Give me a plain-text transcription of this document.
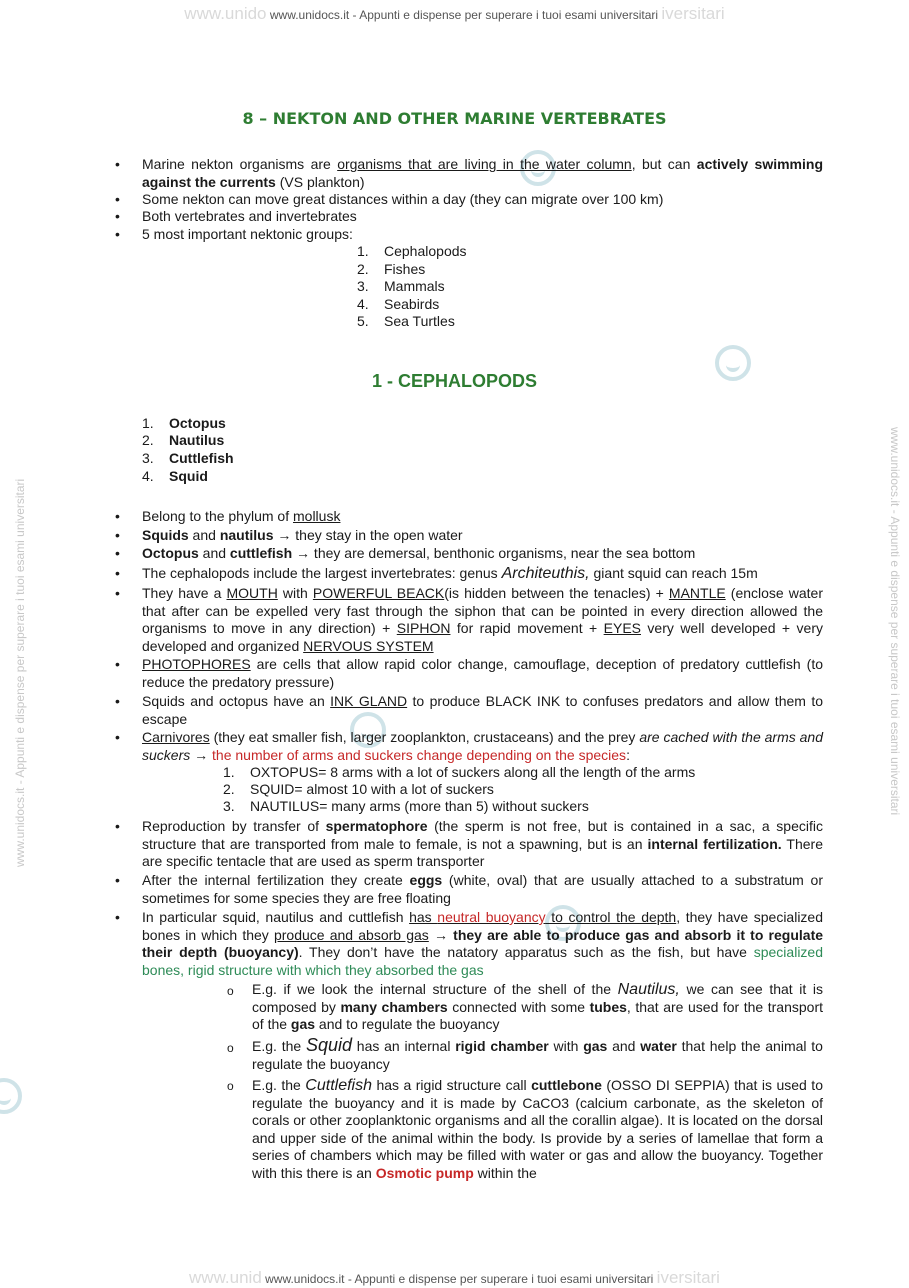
www.unido www.unidocs.it - Appunti e dispense per superare i tuoi esami universitari iversitari
www.unid www.unidocs.it - Appunti e dispense per superare i tuoi esami universitari iversitari
www.unidocs.it - Appunti e dispense per superare i tuoi esami universitari	www.unidocs.it - Appunti e dispense per superare i tuoi esami universitari
8 – NEKTON AND OTHER MARINE VERTEBRATES
• Marine nekton organisms are organisms that are living in the water column, but can actively swimming against the currents (VS plankton)
• Some nekton can move great distances within a day (they can migrate over 100 km)
• Both vertebrates and invertebrates
• 5 most important nektonic groups:
1. Cephalopods
2. Fishes
3. Mammals
4. Seabirds
5. Sea Turtles
1 - CEPHALOPODS
1. Octopus
2. Nautilus
3. Cuttlefish
4. Squid
• Belong to the phylum of mollusk
• Squids and nautilus → they stay in the open water
• Octopus and cuttlefish → they are demersal, benthonic organisms, near the sea bottom
• The cephalopods include the largest invertebrates: genus Architeuthis, giant squid can reach 15m
• They have a MOUTH with POWERFUL BEACK(is hidden between the tenacles) + MANTLE (enclose water that after can be expelled very fast through the siphon that can be pointed in every direction allowed the organisms to move in any direction) + SIPHON for rapid movement + EYES very well developed + very developed and organized NERVOUS SYSTEM
• PHOTOPHORES are cells that allow rapid color change, camouflage, deception of predatory cuttlefish (to reduce the predatory pressure)
• Squids and octopus have an INK GLAND to produce BLACK INK to confuses predators and allow them to escape
• Carnivores (they eat smaller fish, larger zooplankton, crustaceans) and the prey are cached with the arms and suckers → the number of arms and suckers change depending on the species:
1. OXTOPUS= 8 arms with a lot of suckers along all the length of the arms
2. SQUID= almost 10 with a lot of suckers
3. NAUTILUS= many arms (more than 5) without suckers
• Reproduction by transfer of spermatophore (the sperm is not free, but is contained in a sac, a specific structure that are transported from male to female, is not a spawning, but is an internal fertilization. There are specific tentacle that are used as sperm transporter
• After the internal fertilization they create eggs (white, oval) that are usually attached to a substratum or sometimes for some species they are free floating
• In particular squid, nautilus and cuttlefish has neutral buoyancy to control the depth, they have specialized bones in which they produce and absorb gas → they are able to produce gas and absorb it to regulate their depth (buoyancy). They don’t have the natatory apparatus such as the fish, but have specialized bones, rigid structure with which they absorbed the gas
o E.g. if we look the internal structure of the shell of the Nautilus, we can see that it is composed by many chambers connected with some tubes, that are used for the transport of the gas and to regulate the buoyancy
o E.g. the Squid has an internal rigid chamber with gas and water that help the animal to regulate the buoyancy
o E.g. the Cuttlefish has a rigid structure call cuttlebone (OSSO DI SEPPIA) that is used to regulate the buoyancy and it is made by CaCO3 (calcium carbonate, as the skeleton of corals or other zooplanktonic organisms and all the corallin algae). It is located on the dorsal and upper side of the animal within the body. Is provide by a series of lamellae that form a series of chambers which may be filled with water or gas and allow the buoyancy. Together with this there is an Osmotic pump within the
